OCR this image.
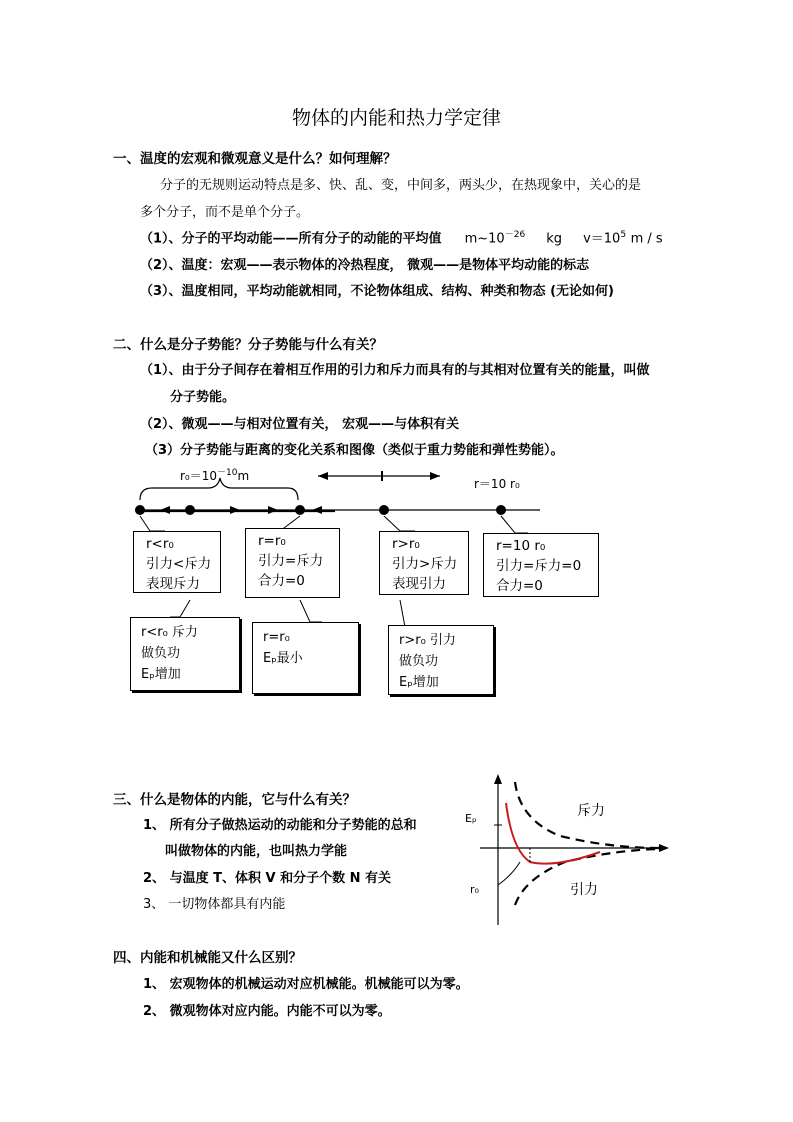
物体的内能和热力学定律
一、温度的宏观和微观意义是什么？如何理解？
分子的无规则运动特点是多、快、乱、变，中间多，两头少，在热现象中，关心的是
多个分子，而不是单个分子。
（1）、分子的平均动能——所有分子的动能的平均值 $m\sim 10^{-26}$ kg $v=10^5$ m / s
（2）、温度：宏观——表示物体的冷热程度， 微观——是物体平均动能的标志
（3）、温度相同，平均动能就相同，不论物体组成、结构、种类和物态 (无论如何)
二、什么是分子势能？分子势能与什么有关？
（1）、由于分子间存在着相互作用的引力和斥力而具有的与其相对位置有关的能量，叫做
分子势能。
（2）、微观——与相对位置有关， 宏观——与体积有关
（3）分子势能与距离的变化关系和图像（类似于重力势能和弹性势能）。
$r_0=10^{-10}m$
r＝10 r₀
r<r₀
引力<斥力
表现斥力
r=r₀
引力=斥力
合力=0
r>r₀
引力>斥力
表现引力
r=10 r₀
引力=斥力=0
合力=0
r<r₀ 斥力
做负功
Eₚ增加
r=r₀
Eₚ最小
r>r₀ 引力
做负功
Eₚ增加
三、什么是物体的内能，它与什么有关？
1、 所有分子做热运动的动能和分子势能的总和
叫做物体的内能，也叫热力学能
2、 与温度 T、体积 V 和分子个数 N 有关
3、 一切物体都具有内能
Eₚ
r₀
斥力
引力
四、内能和机械能又什么区别？
1、 宏观物体的机械运动对应机械能。机械能可以为零。
2、 微观物体对应内能。内能不可以为零。
